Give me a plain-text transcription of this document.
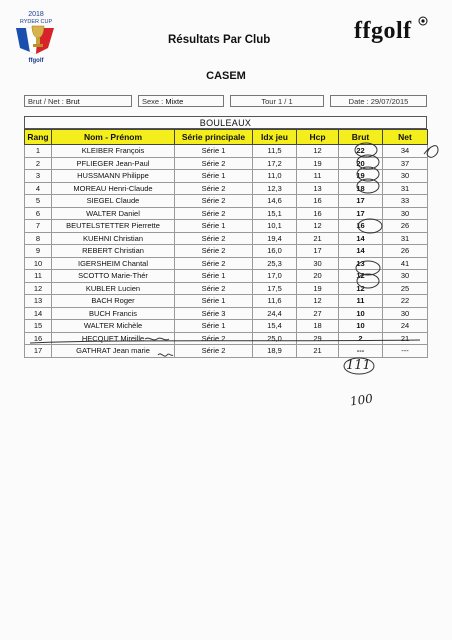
2018
RYDER CUP
ffgolf
Résultats Par Club	ffgolf
CASEM
Brut / Net : Brut	Sexe : Mixte	Tour 1 / 1	Date : 29/07/2015
BOULEAUX
Rang	Nom - Prénom	Série principale	Idx jeu	Hcp	Brut	Net
1	KLEIBER François	Série 1	11,5	12	22	34
2	PFLIEGER Jean-Paul	Série 2	17,2	19	20	37
3	HUSSMANN Philippe	Série 1	11,0	11	19	30
4	MOREAU Henri-Claude	Série 2	12,3	13	18	31
5	SIEGEL Claude	Série 2	14,6	16	17	33
6	WALTER Daniel	Série 2	15,1	16	17	30
7	BEUTELSTETTER Pierrette	Série 1	10,1	12	16	26
8	KUEHNI Christian	Série 2	19,4	21	14	31
9	REBERT Christian	Série 2	16,0	17	14	26
10	IGERSHEIM Chantal	Série 2	25,3	30	13	41
11	SCOTTO Marie-Thér	Série 1	17,0	20	12	30
12	KUBLER Lucien	Série 2	17,5	19	12	25
13	BACH Roger	Série 1	11,6	12	11	22
14	BUCH Francis	Série 3	24,4	27	10	30
15	WALTER Michèle	Série 1	15,4	18	10	24
16	HECQUET Mireille	Série 2	25,0	29	2	21
17	GATHRAT Jean marie	Série 2	18,9	21	---	---
111
100
